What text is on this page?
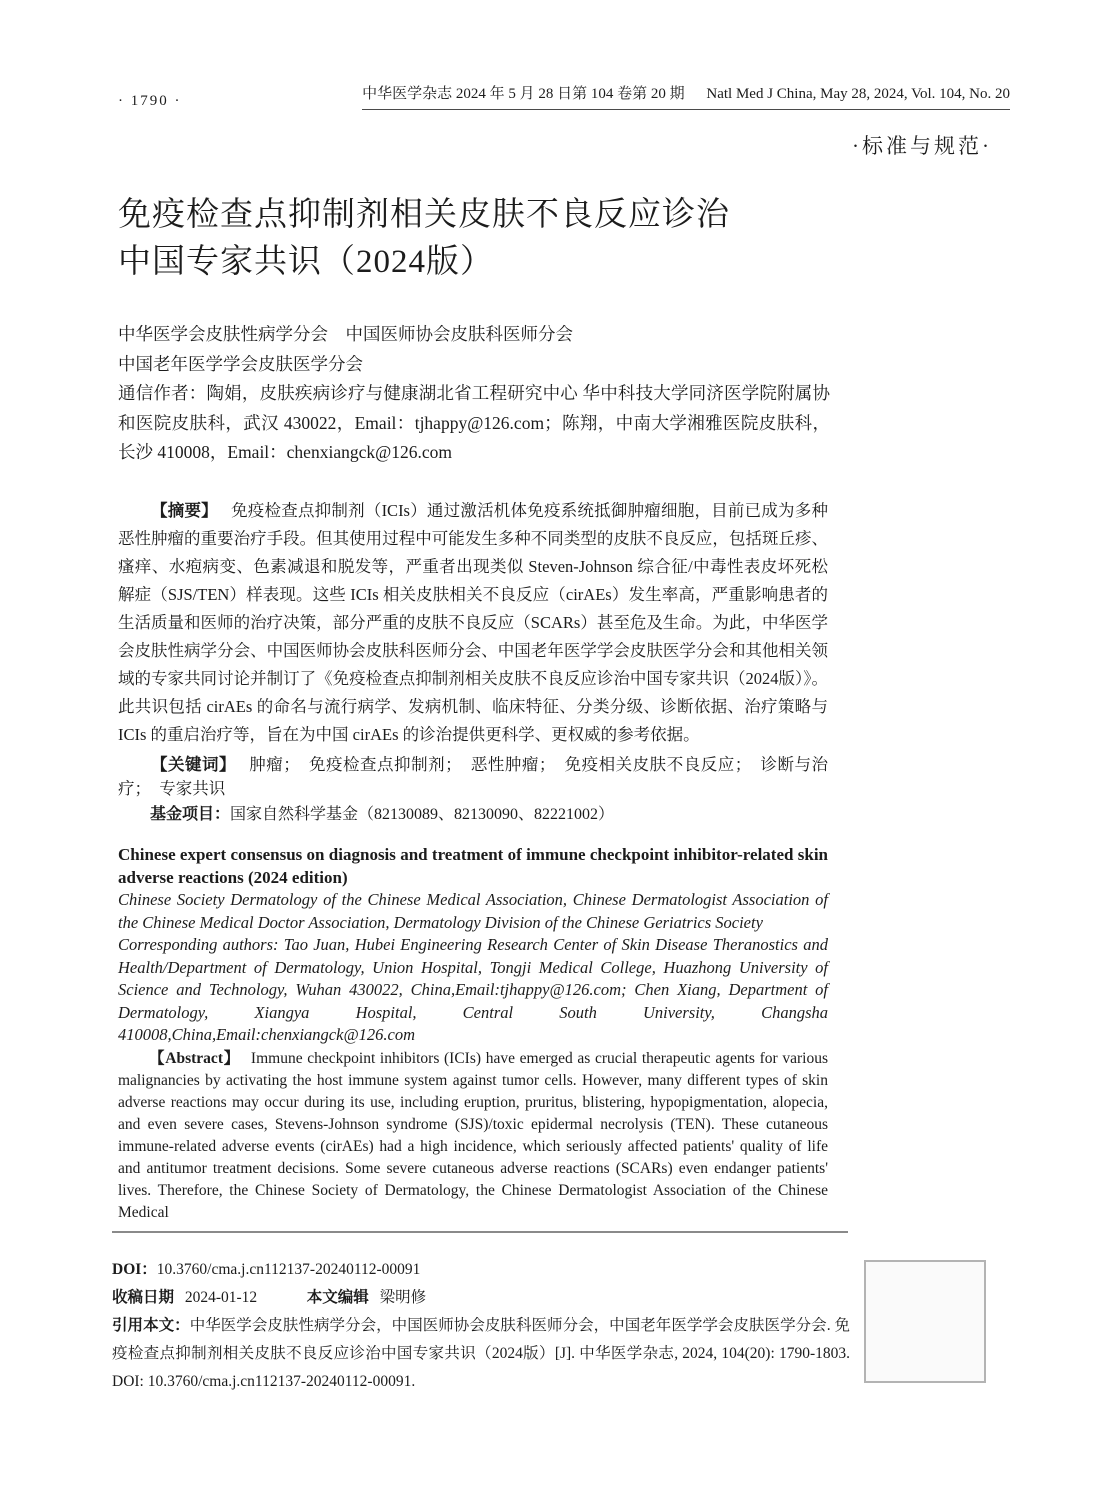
· 1790 ·	中华医学杂志 2024 年 5 月 28 日第 104 卷第 20 期 Natl Med J China, May 28, 2024, Vol. 104, No. 20
·标准与规范·
免疫检查点抑制剂相关皮肤不良反应诊治
中国专家共识（2024版）

中华医学会皮肤性病学分会　中国医师协会皮肤科医师分会

中国老年医学学会皮肤医学分会

通信作者：陶娟，皮肤疾病诊疗与健康湖北省工程研究中心 华中科技大学同济医学院附属协和医院皮肤科，武汉 430022，Email：tjhappy@126.com；陈翔，中南大学湘雅医院皮肤科，长沙 410008，Email：chenxiangck@126.com

【摘要】 免疫检查点抑制剂（ICIs）通过激活机体免疫系统抵御肿瘤细胞，目前已成为多种恶性肿瘤的重要治疗手段。但其使用过程中可能发生多种不同类型的皮肤不良反应，包括斑丘疹、瘙痒、水疱病变、色素减退和脱发等，严重者出现类似 Steven-Johnson 综合征/中毒性表皮坏死松解症（SJS/TEN）样表现。这些 ICIs 相关皮肤相关不良反应（cirAEs）发生率高，严重影响患者的生活质量和医师的治疗决策，部分严重的皮肤不良反应（SCARs）甚至危及生命。为此，中华医学会皮肤性病学分会、中国医师协会皮肤科医师分会、中国老年医学学会皮肤医学分会和其他相关领域的专家共同讨论并制订了《免疫检查点抑制剂相关皮肤不良反应诊治中国专家共识（2024版）》。此共识包括 cirAEs 的命名与流行病学、发病机制、临床特征、分类分级、诊断依据、治疗策略与 ICIs 的重启治疗等，旨在为中国 cirAEs 的诊治提供更科学、更权威的参考依据。

【关键词】 肿瘤；　免疫检查点抑制剂；　恶性肿瘤；　免疫相关皮肤不良反应；　诊断与治疗；　专家共识

基金项目：国家自然科学基金（82130089、82130090、82221002）

Chinese expert consensus on diagnosis and treatment of immune checkpoint inhibitor-related skin adverse reactions (2024 edition)

Chinese Society Dermatology of the Chinese Medical Association, Chinese Dermatologist Association of the Chinese Medical Doctor Association, Dermatology Division of the Chinese Geriatrics Society

Corresponding authors: Tao Juan, Hubei Engineering Research Center of Skin Disease Theranostics and Health/Department of Dermatology, Union Hospital, Tongji Medical College, Huazhong University of Science and Technology, Wuhan 430022, China,Email:tjhappy@126.com; Chen Xiang, Department of Dermatology, Xiangya Hospital, Central South University, Changsha 410008,China,Email:chenxiangck@126.com

【Abstract】 Immune checkpoint inhibitors (ICIs) have emerged as crucial therapeutic agents for various malignancies by activating the host immune system against tumor cells. However, many different types of skin adverse reactions may occur during its use, including eruption, pruritus, blistering, hypopigmentation, alopecia, and even severe cases, Stevens-Johnson syndrome (SJS)/toxic epidermal necrolysis (TEN). These cutaneous immune-related adverse events (cirAEs) had a high incidence, which seriously affected patients' quality of life and antitumor treatment decisions. Some severe cutaneous adverse reactions (SCARs) even endanger patients' lives. Therefore, the Chinese Society of Dermatology, the Chinese Dermatologist Association of the Chinese Medical

DOI：10.3760/cma.j.cn112137-20240112-00091

收稿日期 2024-01-12	本文编辑 梁明修

引用本文：中华医学会皮肤性病学分会，中国医师协会皮肤科医师分会，中国老年医学学会皮肤医学分会. 免疫检查点抑制剂相关皮肤不良反应诊治中国专家共识（2024版）[J]. 中华医学杂志, 2024, 104(20): 1790-1803. DOI: 10.3760/cma.j.cn112137-20240112-00091.
